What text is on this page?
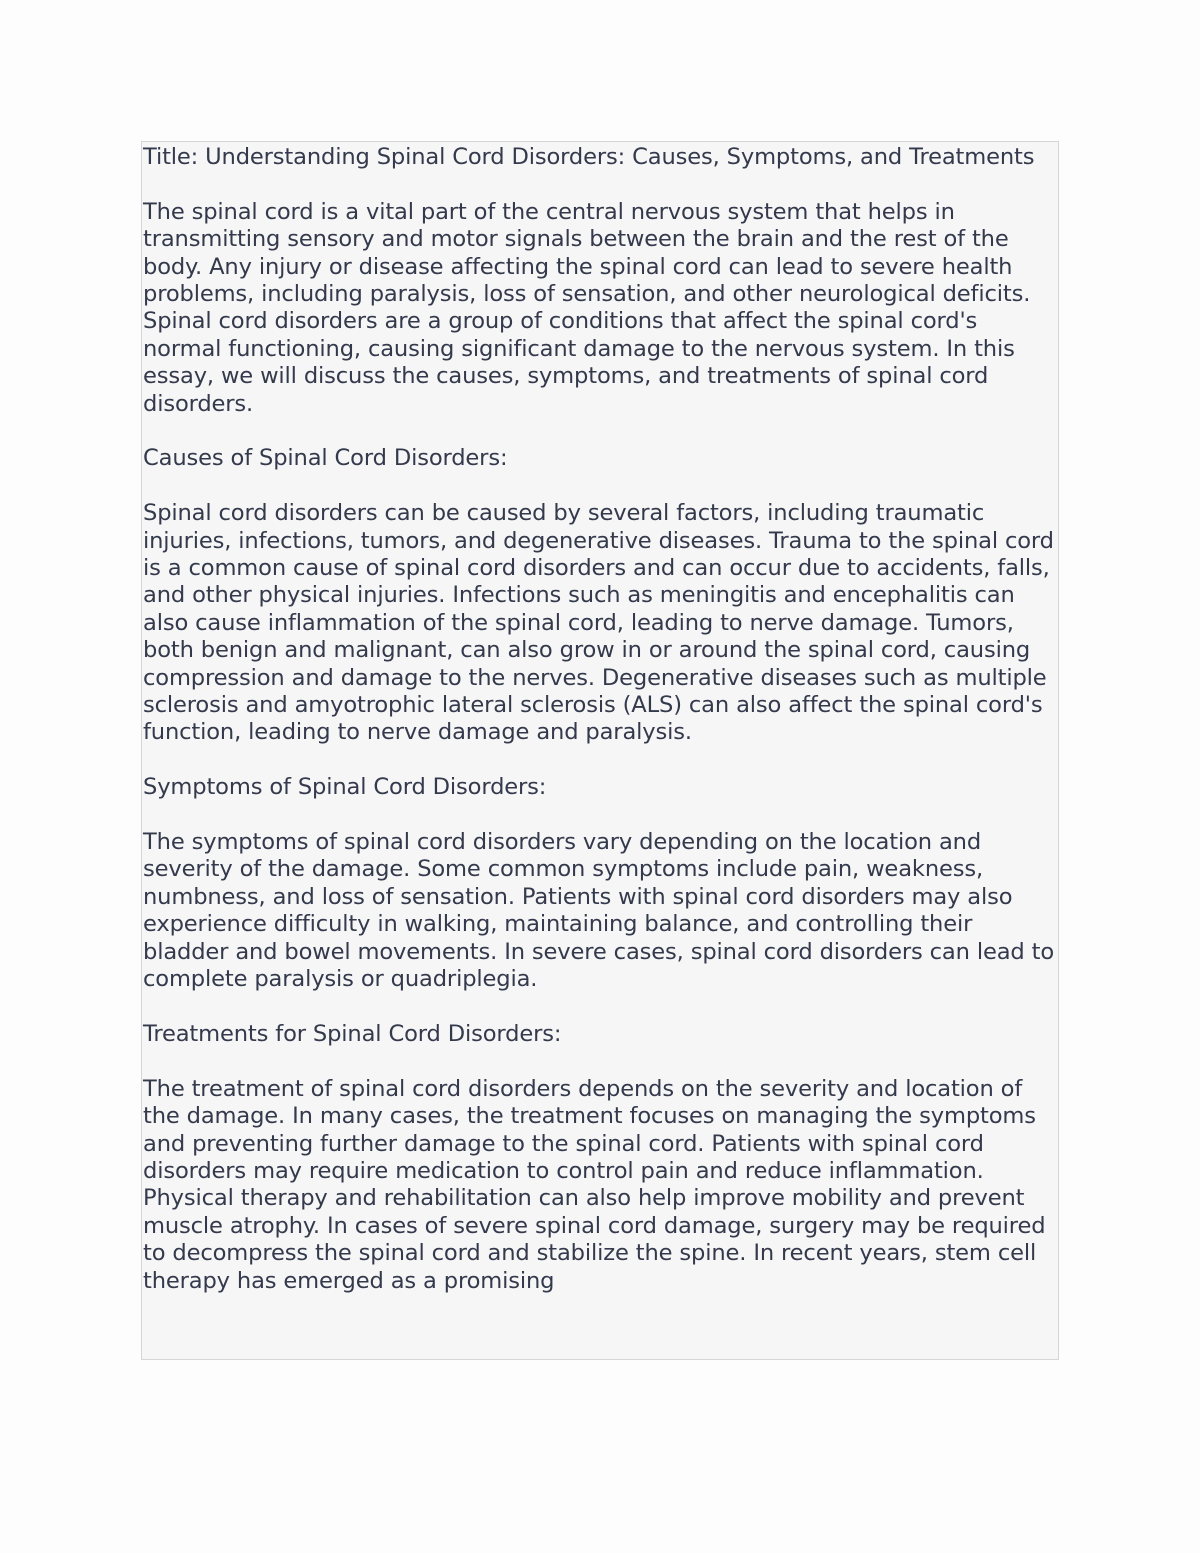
Title: Understanding Spinal Cord Disorders: Causes, Symptoms, and Treatments

The spinal cord is a vital part of the central nervous system that helps in transmitting sensory and motor signals between the brain and the rest of the body. Any injury or disease affecting the spinal cord can lead to severe health problems, including paralysis, loss of sensation, and other neurological deficits. Spinal cord disorders are a group of conditions that affect the spinal cord's normal functioning, causing significant damage to the nervous system. In this essay, we will discuss the causes, symptoms, and treatments of spinal cord disorders.

Causes of Spinal Cord Disorders:

Spinal cord disorders can be caused by several factors, including traumatic injuries, infections, tumors, and degenerative diseases. Trauma to the spinal cord is a common cause of spinal cord disorders and can occur due to accidents, falls, and other physical injuries. Infections such as meningitis and encephalitis can also cause inflammation of the spinal cord, leading to nerve damage. Tumors, both benign and malignant, can also grow in or around the spinal cord, causing compression and damage to the nerves. Degenerative diseases such as multiple sclerosis and amyotrophic lateral sclerosis (ALS) can also affect the spinal cord's function, leading to nerve damage and paralysis.

Symptoms of Spinal Cord Disorders:

The symptoms of spinal cord disorders vary depending on the location and severity of the damage. Some common symptoms include pain, weakness, numbness, and loss of sensation. Patients with spinal cord disorders may also experience difficulty in walking, maintaining balance, and controlling their bladder and bowel movements. In severe cases, spinal cord disorders can lead to complete paralysis or quadriplegia.

Treatments for Spinal Cord Disorders:

The treatment of spinal cord disorders depends on the severity and location of the damage. In many cases, the treatment focuses on managing the symptoms and preventing further damage to the spinal cord. Patients with spinal cord disorders may require medication to control pain and reduce inflammation. Physical therapy and rehabilitation can also help improve mobility and prevent muscle atrophy. In cases of severe spinal cord damage, surgery may be required to decompress the spinal cord and stabilize the spine. In recent years, stem cell therapy has emerged as a promising
